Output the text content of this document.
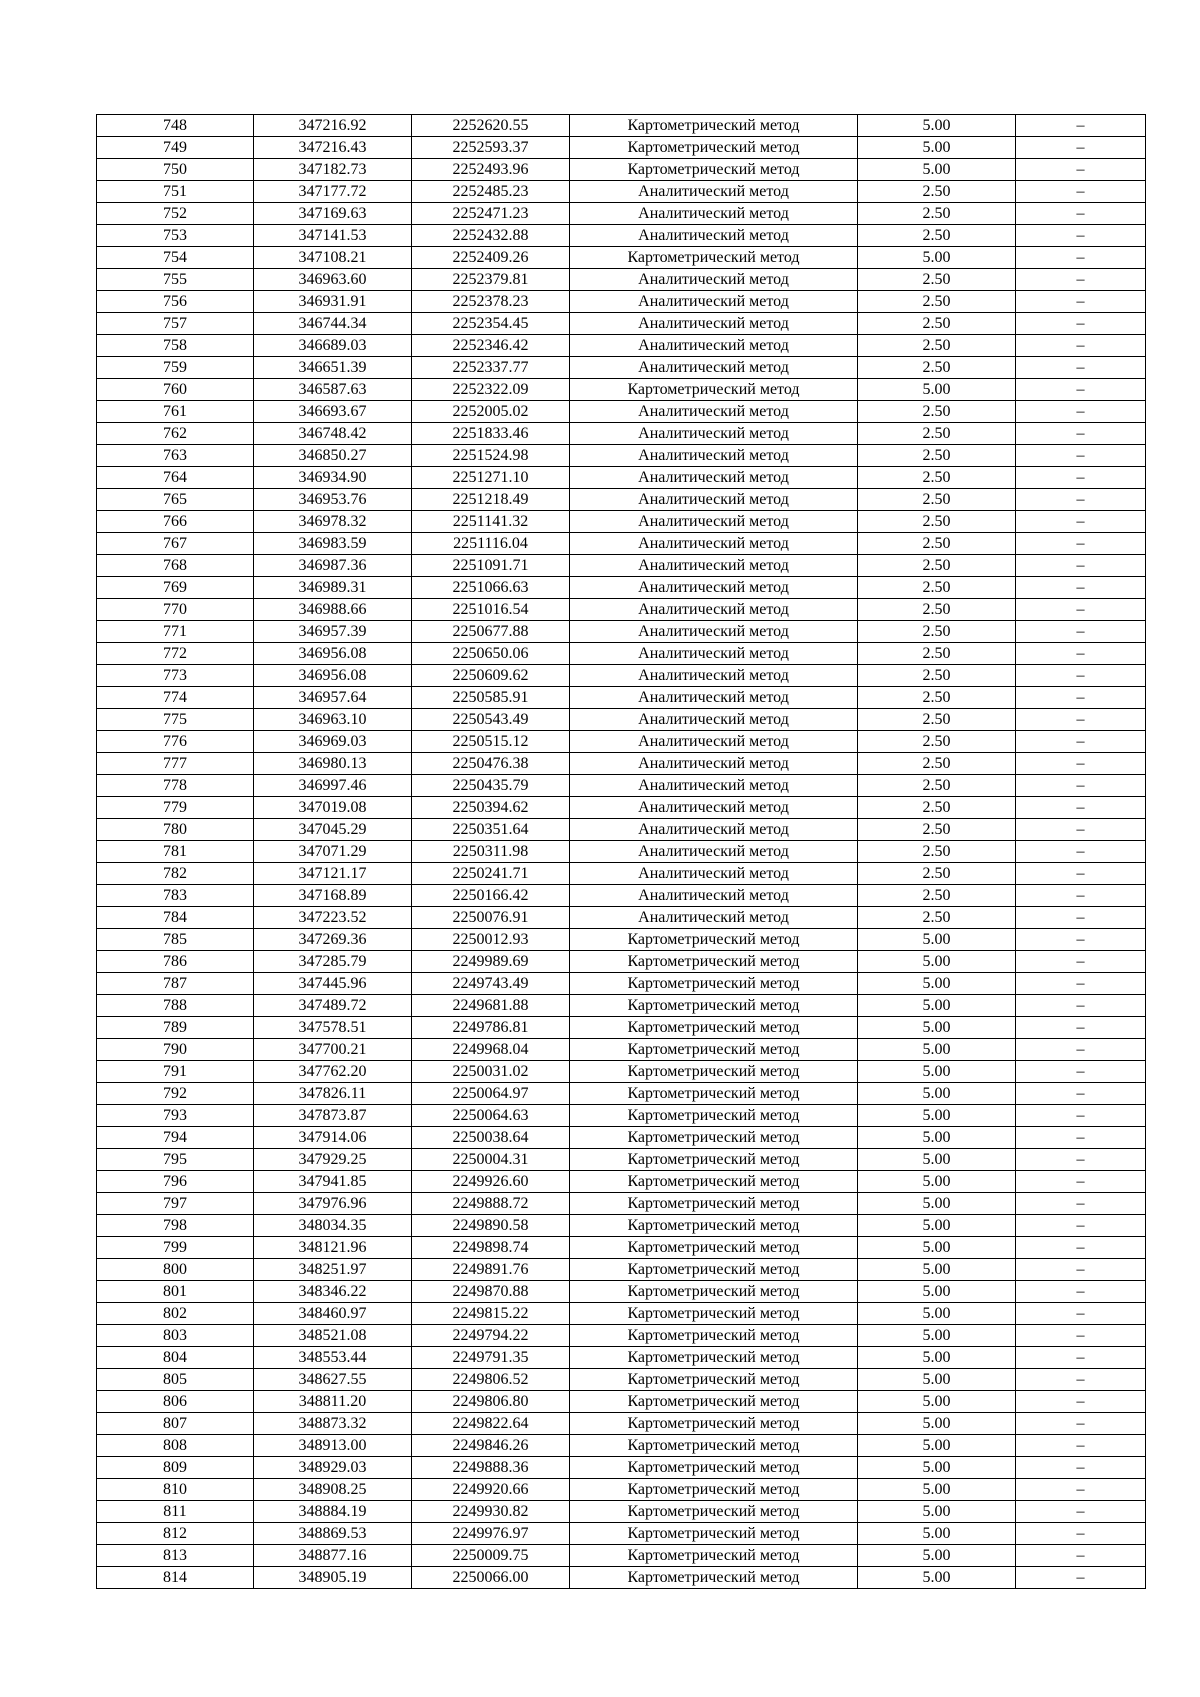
748	347216.92	2252620.55	Картометрический метод	5.00	–
749	347216.43	2252593.37	Картометрический метод	5.00	–
750	347182.73	2252493.96	Картометрический метод	5.00	–
751	347177.72	2252485.23	Аналитический метод	2.50	–
752	347169.63	2252471.23	Аналитический метод	2.50	–
753	347141.53	2252432.88	Аналитический метод	2.50	–
754	347108.21	2252409.26	Картометрический метод	5.00	–
755	346963.60	2252379.81	Аналитический метод	2.50	–
756	346931.91	2252378.23	Аналитический метод	2.50	–
757	346744.34	2252354.45	Аналитический метод	2.50	–
758	346689.03	2252346.42	Аналитический метод	2.50	–
759	346651.39	2252337.77	Аналитический метод	2.50	–
760	346587.63	2252322.09	Картометрический метод	5.00	–
761	346693.67	2252005.02	Аналитический метод	2.50	–
762	346748.42	2251833.46	Аналитический метод	2.50	–
763	346850.27	2251524.98	Аналитический метод	2.50	–
764	346934.90	2251271.10	Аналитический метод	2.50	–
765	346953.76	2251218.49	Аналитический метод	2.50	–
766	346978.32	2251141.32	Аналитический метод	2.50	–
767	346983.59	2251116.04	Аналитический метод	2.50	–
768	346987.36	2251091.71	Аналитический метод	2.50	–
769	346989.31	2251066.63	Аналитический метод	2.50	–
770	346988.66	2251016.54	Аналитический метод	2.50	–
771	346957.39	2250677.88	Аналитический метод	2.50	–
772	346956.08	2250650.06	Аналитический метод	2.50	–
773	346956.08	2250609.62	Аналитический метод	2.50	–
774	346957.64	2250585.91	Аналитический метод	2.50	–
775	346963.10	2250543.49	Аналитический метод	2.50	–
776	346969.03	2250515.12	Аналитический метод	2.50	–
777	346980.13	2250476.38	Аналитический метод	2.50	–
778	346997.46	2250435.79	Аналитический метод	2.50	–
779	347019.08	2250394.62	Аналитический метод	2.50	–
780	347045.29	2250351.64	Аналитический метод	2.50	–
781	347071.29	2250311.98	Аналитический метод	2.50	–
782	347121.17	2250241.71	Аналитический метод	2.50	–
783	347168.89	2250166.42	Аналитический метод	2.50	–
784	347223.52	2250076.91	Аналитический метод	2.50	–
785	347269.36	2250012.93	Картометрический метод	5.00	–
786	347285.79	2249989.69	Картометрический метод	5.00	–
787	347445.96	2249743.49	Картометрический метод	5.00	–
788	347489.72	2249681.88	Картометрический метод	5.00	–
789	347578.51	2249786.81	Картометрический метод	5.00	–
790	347700.21	2249968.04	Картометрический метод	5.00	–
791	347762.20	2250031.02	Картометрический метод	5.00	–
792	347826.11	2250064.97	Картометрический метод	5.00	–
793	347873.87	2250064.63	Картометрический метод	5.00	–
794	347914.06	2250038.64	Картометрический метод	5.00	–
795	347929.25	2250004.31	Картометрический метод	5.00	–
796	347941.85	2249926.60	Картометрический метод	5.00	–
797	347976.96	2249888.72	Картометрический метод	5.00	–
798	348034.35	2249890.58	Картометрический метод	5.00	–
799	348121.96	2249898.74	Картометрический метод	5.00	–
800	348251.97	2249891.76	Картометрический метод	5.00	–
801	348346.22	2249870.88	Картометрический метод	5.00	–
802	348460.97	2249815.22	Картометрический метод	5.00	–
803	348521.08	2249794.22	Картометрический метод	5.00	–
804	348553.44	2249791.35	Картометрический метод	5.00	–
805	348627.55	2249806.52	Картометрический метод	5.00	–
806	348811.20	2249806.80	Картометрический метод	5.00	–
807	348873.32	2249822.64	Картометрический метод	5.00	–
808	348913.00	2249846.26	Картометрический метод	5.00	–
809	348929.03	2249888.36	Картометрический метод	5.00	–
810	348908.25	2249920.66	Картометрический метод	5.00	–
811	348884.19	2249930.82	Картометрический метод	5.00	–
812	348869.53	2249976.97	Картометрический метод	5.00	–
813	348877.16	2250009.75	Картометрический метод	5.00	–
814	348905.19	2250066.00	Картометрический метод	5.00	–
